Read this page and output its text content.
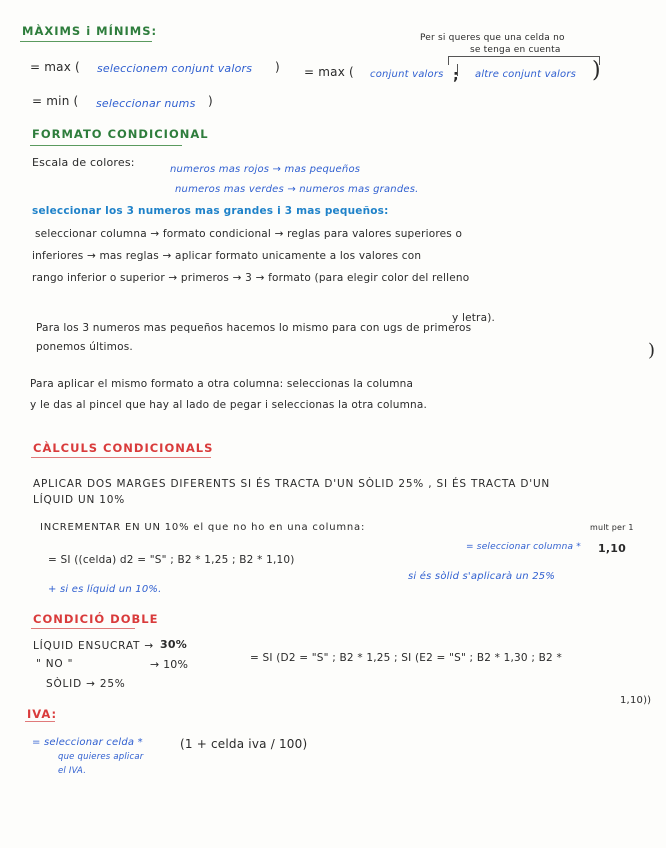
MÀXIMS i MÍNIMS:	Per si queres que una celda no
se tenga en cuenta
= max ( seleccionem conjunt valors ) = max ( conjunt valors ; altre conjunt valors )
= min ( seleccionar nums )
FORMATO CONDICIONAL
Escala de colores:
numeros mas rojos → mas pequeños
numeros mas verdes → numeros mas grandes.
seleccionar los 3 numeros mas grandes i 3 mas pequeños:
seleccionar columna → formato condicional → reglas para valores superiores o
inferiores → mas reglas → aplicar formato unicamente a los valores con
rango inferior o superior → primeros → 3 → formato (para elegir color del relleno
y letra).
Para los 3 numeros mas pequeños hacemos lo mismo para con ugs de primeros
ponemos últimos.	)
Para aplicar el mismo formato a otra columna: seleccionas la columna
y le das al pincel que hay al lado de pegar i seleccionas la otra columna.
CÀLCULS CONDICIONALS
APLICAR DOS MARGES DIFERENTS SI ÉS TRACTA D'UN SÒLID 25% , SI ÉS TRACTA D'UN
LÍQUID UN 10%
INCREMENTAR EN UN 10% el que no ho en una columna:	mult per 1
= seleccionar columna * 1,10
= SI ((celda) d2 = "S" ; B2 * 1,25 ; B2 * 1,10)
si és sòlid s'aplicarà un 25%
+ si es líquid un 10%.
CONDICIÓ DOBLE
LÍQUID ENSUCRAT → 30%
" NO "	→ 10%
SÒLID → 25%
= SI (D2 = "S" ; B2 * 1,25 ; SI (E2 = "S" ; B2 * 1,30 ; B2 *
1,10))
IVA:
= seleccionar celda *
que quieres aplicar
el IVA.
(1 + celda iva / 100)
